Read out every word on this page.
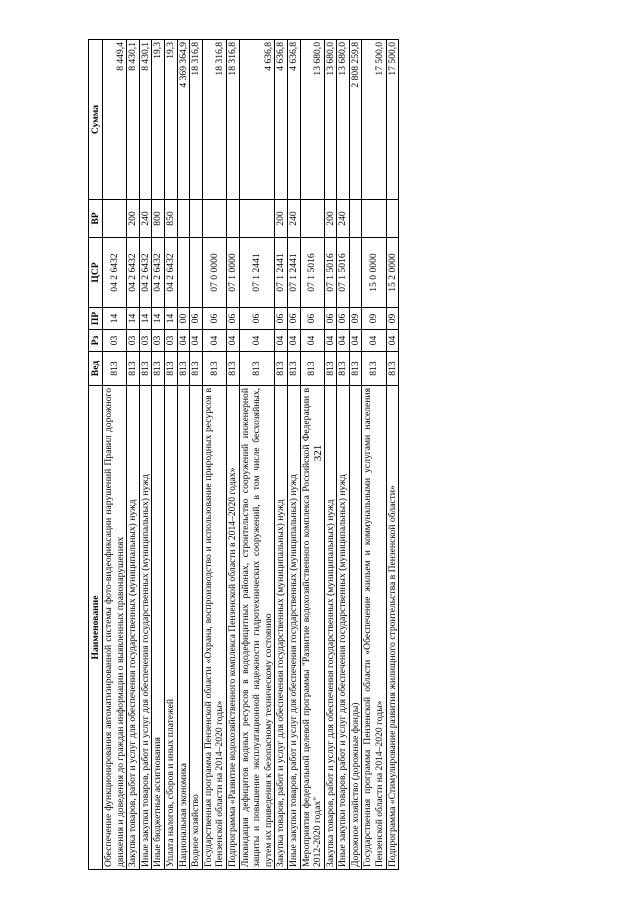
321
Наименование	Вед	Рз	ПР	ЦСР	ВР	Сумма
Обеспечение функционирования автоматизированной системы фото-видеофиксации нарушений Правил дорожного движения и доведения до граждан информации о выявленных правонарушениях	813	03	14	04 2 6432		8 449,4
Закупка товаров, работ и услуг для обеспечения государственных (муниципальных) нужд	813	03	14	04 2 6432	200	8 430,1
Иные закупки товаров, работ и услуг для обеспечения государственных (муниципальных) нужд	813	03	14	04 2 6432	240	8 430,1
Иные бюджетные ассигнования	813	03	14	04 2 6432	800	19,3
Уплата налогов, сборов и иных платежей	813	03	14	04 2 6432	850	19,3
Национальная экономика	813	04	00			4 369 364,9
Водное хозяйство	813	04	06			18 316,8
Государственная программа Пензенской области «Охрана, воспроизводство и использование природных ресурсов в Пензенской области на 2014–2020 годы»	813	04	06	07 0 0000		18 316,8
Подпрограмма «Развитие водохозяйственного комплекса Пензенской области в 2014–2020 годах»	813	04	06	07 1 0000		18 316,8
Ликвидация дефицитов водных ресурсов в вододефицитных районах, строительство сооружений инженерной защиты и повышение эксплуатационной надежности гидротехнических сооружений, в том числе бесхозяйных, путем их приведения к безопасному техническому состоянию	813	04	06	07 1 2441		4 636,8
Закупка товаров, работ и услуг для обеспечения государственных (муниципальных) нужд	813	04	06	07 1 2441	200	4 636,8
Иные закупки товаров, работ и услуг для обеспечения государственных (муниципальных) нужд	813	04	06	07 1 2441	240	4 636,8
Мероприятия федеральной целевой программы "Развитие водохозяйственного комплекса Российской Федерации в 2012-2020 годах"	813	04	06	07 1 5016		13 680,0
Закупка товаров, работ и услуг для обеспечения государственных (муниципальных) нужд	813	04	06	07 1 5016	200	13 680,0
Иные закупки товаров, работ и услуг для обеспечения государственных (муниципальных) нужд	813	04	06	07 1 5016	240	13 680,0
Дорожное хозяйство (дорожные фонды)	813	04	09			2 808 259,8
Государственная программа Пензенской области «Обеспечение жильем и коммунальными услугами населения Пензенской области на 2014–2020 годы»	813	04	09	15 0 0000		17 500,0
Подпрограмма «Стимулирование развития жилищного строительства в Пензенской области»	813	04	09	15 2 0000		17 500,0
